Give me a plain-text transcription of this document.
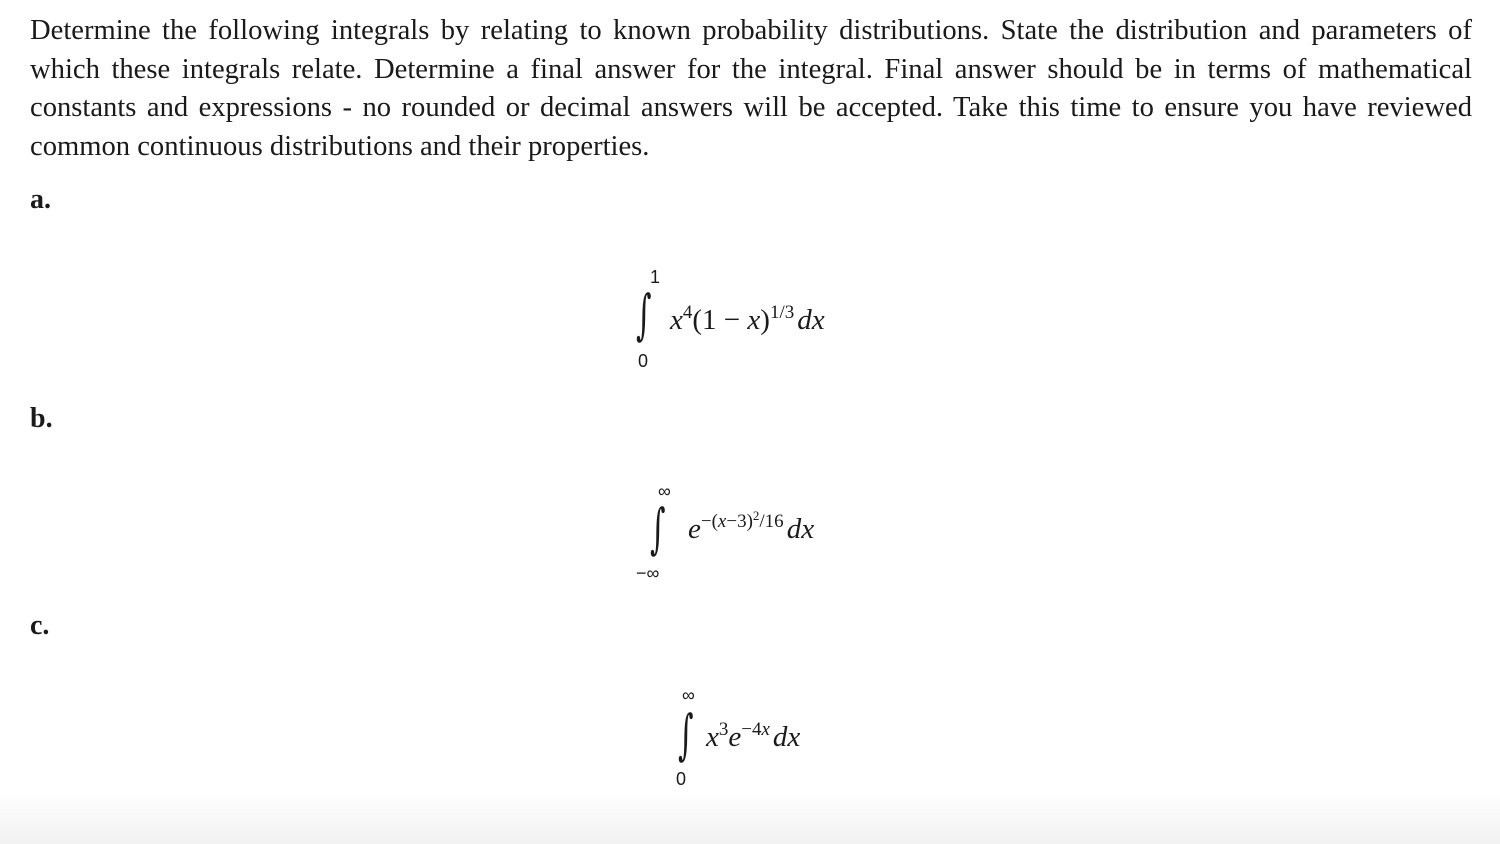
Determine the following integrals by relating to known probability distributions. State the distribution and parameters of which these integrals relate. Determine a final answer for the integral. Final answer should be in terms of mathematical constants and expressions - no rounded or decimal answers will be accepted. Take this time to ensure you have reviewed common continuous distributions and their properties.
a.
1
∫
0
$x^4(1 - x)^{1/3}$ dx
b.
∞
∫
−∞
$e^{-(x-3)^2/16}$ dx
c.
∞
∫
0
$x^3e^{-4x}$ dx
